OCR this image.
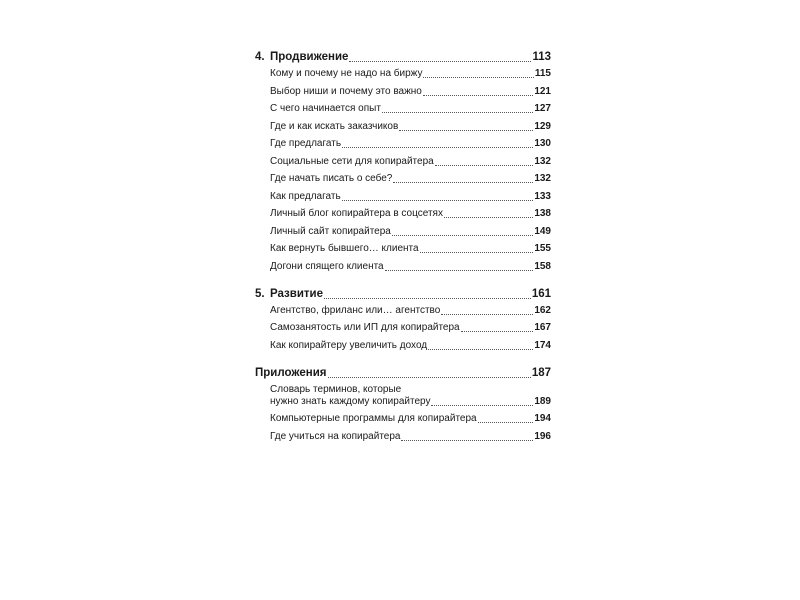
4. Продвижение	113
Кому и почему не надо на биржу	115
Выбор ниши и почему это важно	121
С чего начинается опыт	127
Где и как искать заказчиков	129
Где предлагать	130
Социальные сети для копирайтера	132
Где начать писать о себе?	132
Как предлагать	133
Личный блог копирайтера в соцсетях	138
Личный сайт копирайтера	149
Как вернуть бывшего… клиента	155
Догони спящего клиента	158
5. Развитие	161
Агентство, фриланс или… агентство	162
Самозанятость или ИП для копирайтера	167
Как копирайтеру увеличить доход	174
Приложения	187
Словарь терминов, которые
нужно знать каждому копирайтеру	189
Компьютерные программы для копирайтера	194
Где учиться на копирайтера	196
